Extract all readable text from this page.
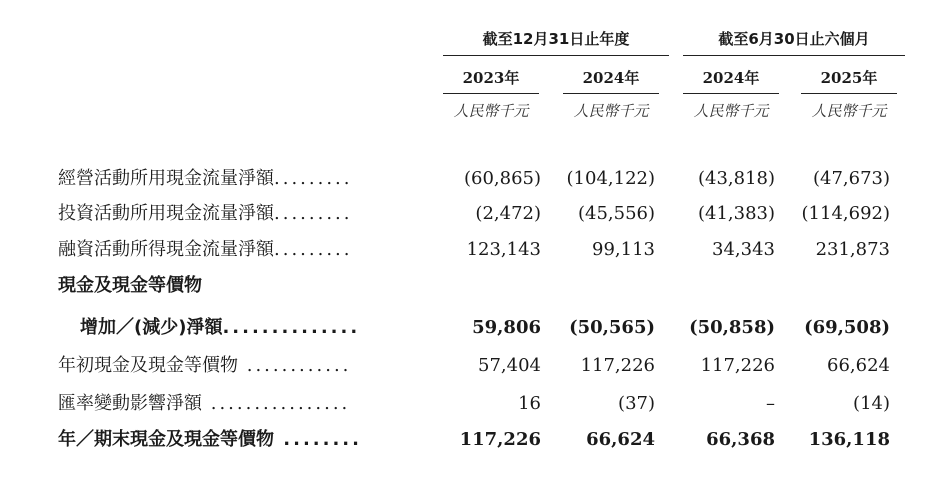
截至12月31日止年度	截至6月30日止六個月
2023年	2024年	2024年	2025年
人民幣千元	人民幣千元	人民幣千元	人民幣千元
經營活動所用現金流量淨額.........	(60,865)	(104,122)	(43,818)	(47,673)
投資活動所用現金流量淨額.........	(2,472)	(45,556)	(41,383)	(114,692)
融資活動所得現金流量淨額.........	123,143	99,113	34,343	231,873
現金及現金等價物
增加／(減少)淨額..............	59,806	(50,565)	(50,858)	(69,508)
年初現金及現金等價物 ............	57,404	117,226	117,226	66,624
匯率變動影響淨額 ................	16	(37)	–	(14)
年／期末現金及現金等價物 ........	117,226	66,624	66,368	136,118
